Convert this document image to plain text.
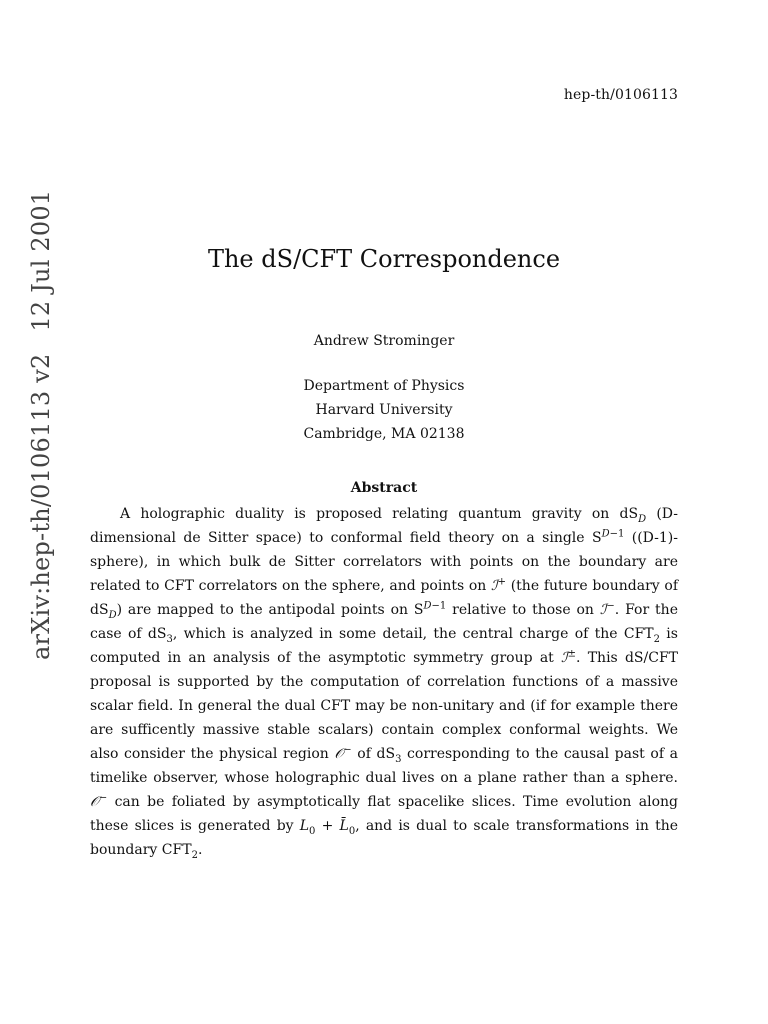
hep-th/0106113
arXiv:hep-th/0106113 v212 Jul 2001	The dS/CFT Correspondence
Andrew Strominger
Department of Physics
Harvard University
Cambridge, MA 02138
Abstract

A holographic duality is proposed relating quantum gravity on $dS_D$ (D-dimensional de Sitter space) to conformal field theory on a single $S^{D-1}$ ((D-1)-sphere), in which bulk de Sitter correlators with points on the boundary are related to CFT correlators on the sphere, and points on ℐ+ (the future boundary of $dS_D$) are mapped to the antipodal points on $S^{D-1}$ relative to those on ℐ−. For the case of $dS_3$, which is analyzed in some detail, the central charge of the $CFT_2$ is computed in an analysis of the asymptotic symmetry group at ℐ±. This dS/CFT proposal is supported by the computation of correlation functions of a massive scalar field. In general the dual CFT may be non-unitary and (if for example there are sufficently massive stable scalars) contain complex conformal weights. We also consider the physical region 𝒪− of $dS_3$ corresponding to the causal past of a timelike observer, whose holographic dual lives on a plane rather than a sphere. 𝒪− can be foliated by asymptotically flat spacelike slices. Time evolution along these slices is generated by $L_0$ + $L̄_0$, and is dual to scale transformations in the boundary $CFT_2$.
